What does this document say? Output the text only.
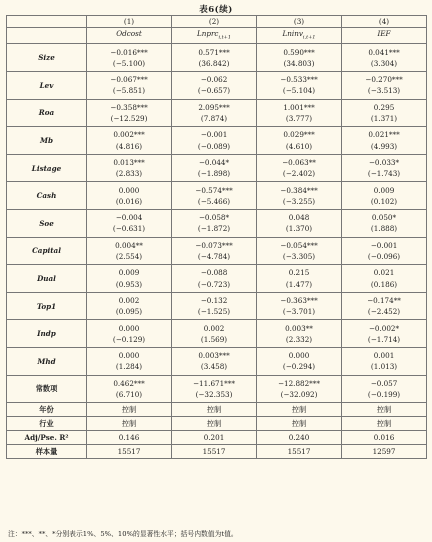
表6(续)
	(1)	(2)	(3)	(4)
	Odcost	Lnprc$_{i,t+1}$	Lninv$_{i,t+1}$	IEF
Size	−0.016***	0.571***	0.590***	0.041***
	(−5.100)	(36.842)	(34.803)	(3.304)
Lev	−0.067***	−0.062	−0.533***	−0.270***
	(−5.851)	(−0.657)	(−5.104)	(−3.513)
Roa	−0.358***	2.095***	1.001***	0.295
	(−12.529)	(7.874)	(3.777)	(1.371)
Mb	0.002***	−0.001	0.029***	0.021***
	(4.816)	(−0.089)	(4.610)	(4.993)
Listage	0.013***	−0.044*	−0.063**	−0.033*
	(2.833)	(−1.898)	(−2.402)	(−1.743)
Cash	0.000	−0.574***	−0.384***	0.009
	(0.016)	(−5.466)	(−3.255)	(0.102)
Soe	−0.004	−0.058*	0.048	0.050*
	(−0.631)	(−1.872)	(1.370)	(1.888)
Capital	0.004**	−0.073***	−0.054***	−0.001
	(2.554)	(−4.784)	(−3.305)	(−0.096)
Dual	0.009	−0.088	0.215	0.021
	(0.953)	(−0.723)	(1.477)	(0.186)
Top1	0.002	−0.132	−0.363***	−0.174**
	(0.095)	(−1.525)	(−3.701)	(−2.452)
Indp	0.000	0.002	0.003**	−0.002*
	(−0.129)	(1.569)	(2.332)	(−1.714)
Mhd	0.000	0.003***	0.000	0.001
	(1.284)	(3.458)	(−0.294)	(1.013)
常数项	0.462***	−11.671***	−12.882***	−0.057
	(6.710)	(−32.353)	(−32.092)	(−0.199)
年份	控制	控制	控制	控制
行业	控制	控制	控制	控制
Adj/Pse. R²	0.146	0.201	0.240	0.016
样本量	15517	15517	15517	12597
注：***、**、*分别表示1%、5%、10%的显著性水平；括号内数值为t值。
